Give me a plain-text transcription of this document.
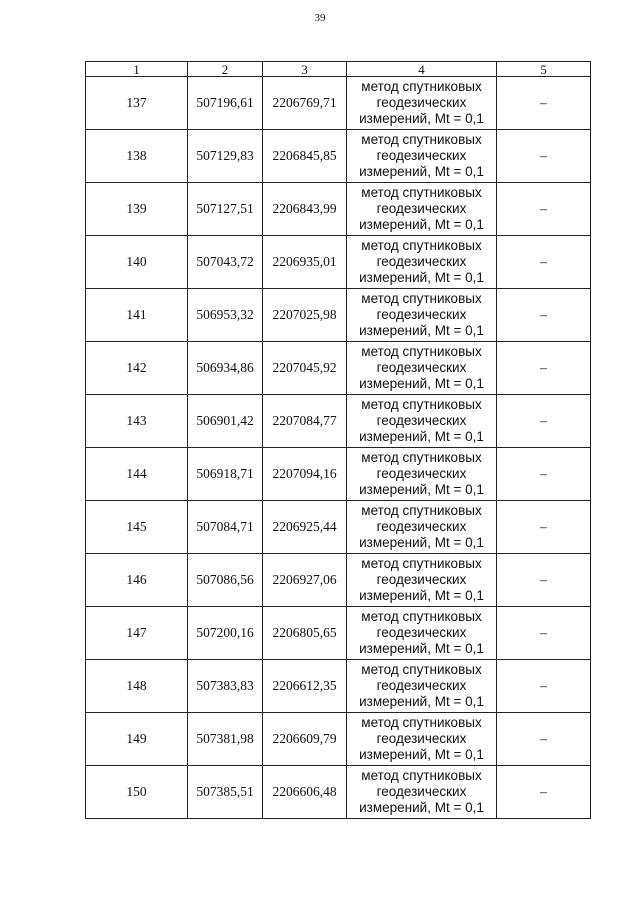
39
1	2	3	4	5
137	507196,61	2206769,71	метод спутниковых
геодезических
измерений, Mt = 0,1	–
138	507129,83	2206845,85	метод спутниковых
геодезических
измерений, Mt = 0,1	–
139	507127,51	2206843,99	метод спутниковых
геодезических
измерений, Mt = 0,1	–
140	507043,72	2206935,01	метод спутниковых
геодезических
измерений, Mt = 0,1	–
141	506953,32	2207025,98	метод спутниковых
геодезических
измерений, Mt = 0,1	–
142	506934,86	2207045,92	метод спутниковых
геодезических
измерений, Mt = 0,1	–
143	506901,42	2207084,77	метод спутниковых
геодезических
измерений, Mt = 0,1	–
144	506918,71	2207094,16	метод спутниковых
геодезических
измерений, Mt = 0,1	–
145	507084,71	2206925,44	метод спутниковых
геодезических
измерений, Mt = 0,1	–
146	507086,56	2206927,06	метод спутниковых
геодезических
измерений, Mt = 0,1	–
147	507200,16	2206805,65	метод спутниковых
геодезических
измерений, Mt = 0,1	–
148	507383,83	2206612,35	метод спутниковых
геодезических
измерений, Mt = 0,1	–
149	507381,98	2206609,79	метод спутниковых
геодезических
измерений, Mt = 0,1	–
150	507385,51	2206606,48	метод спутниковых
геодезических
измерений, Mt = 0,1	–
